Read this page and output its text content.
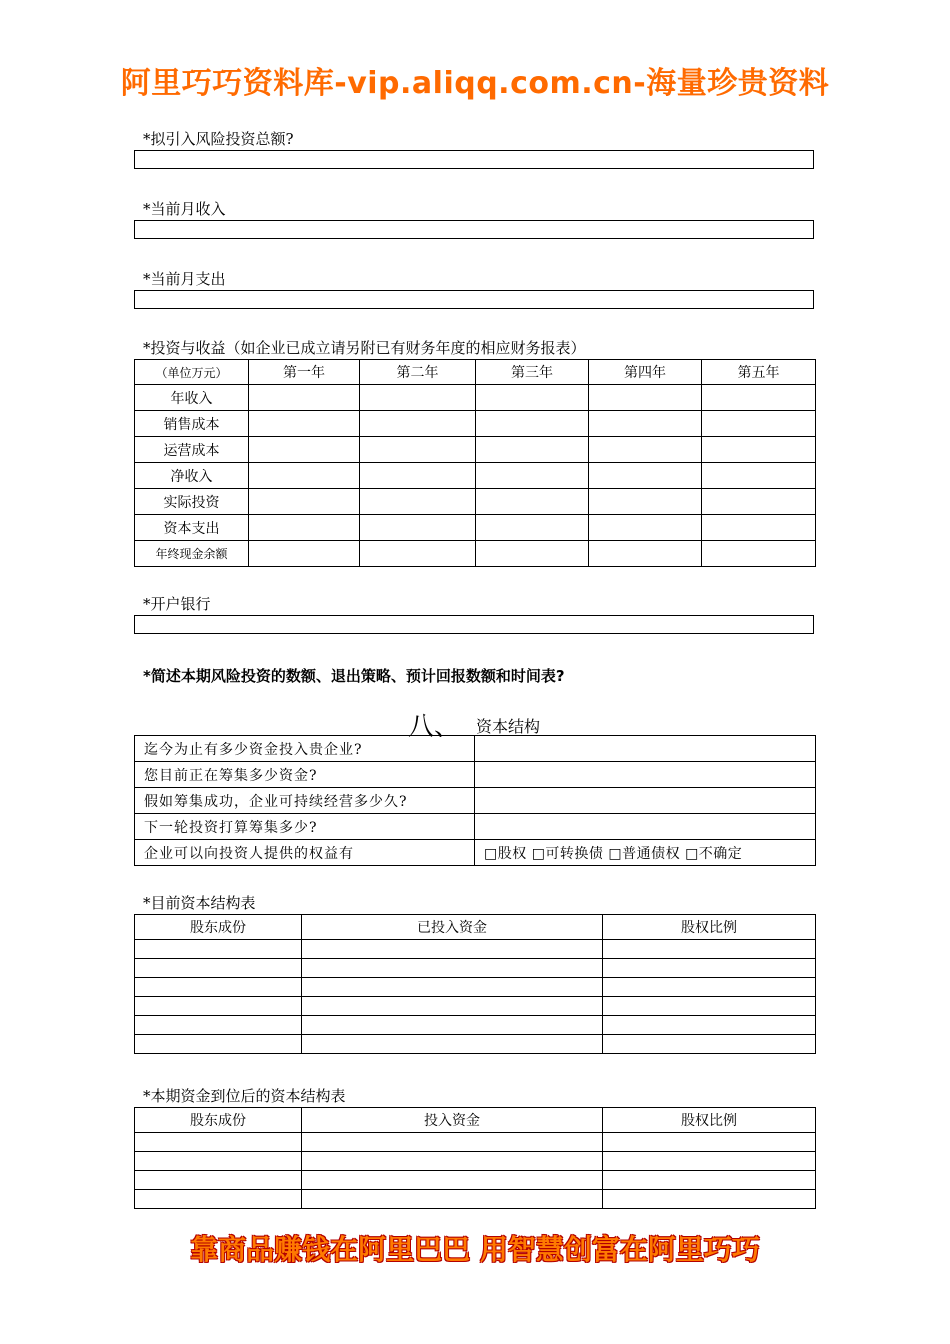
阿里巧巧资料库-vip.aliqq.com.cn-海量珍贵资料
*拟引入风险投资总额?
*当前月收入
*当前月支出
*投资与收益（如企业已成立请另附已有财务年度的相应财务报表）
（单位万元）	第一年	第二年	第三年	第四年	第五年
年收入					
销售成本					
运营成本					
净收入					
实际投资					
资本支出					
年终现金余额					
*开户银行
*简述本期风险投资的数额、退出策略、预计回报数额和时间表?
八、 资本结构
迄今为止有多少资金投入贵企业?	
您目前正在筹集多少资金?	
假如筹集成功，企业可持续经营多少久?	
下一轮投资打算筹集多少?	
企业可以向投资人提供的权益有	□股权 □可转换债 □普通债权 □不确定
*目前资本结构表
股东成份	已投入资金	股权比例

*本期资金到位后的资本结构表
股东成份	投入资金	股权比例

靠商品赚钱在阿里巴巴 用智慧创富在阿里巧巧
